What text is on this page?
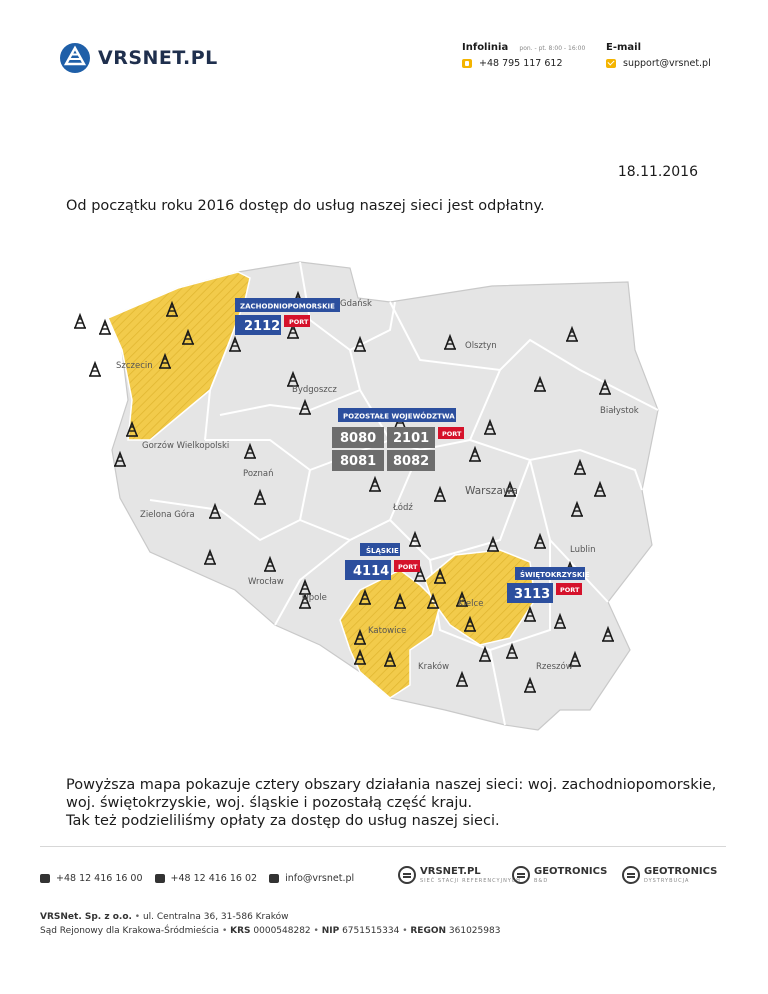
VRSNET.PL	Infolinia pon. - pt. 8:00 - 16:00
+48 795 117 612
E-mail
support@vrsnet.pl
18.11.2016
Od początku roku 2016 dostęp do usług naszej sieci jest odpłatny.
Gdańsk
Olsztyn
Szczecin
Bydgoszcz
Białystok
Gorzów Wielkopolski
Poznań
Warszawa
Łódź
Zielona Góra
Lublin
Wrocław
Opole
Kielce
Katowice
Kraków	Rzeszów
ZACHODNIOPOMORSKIE
2112 PORT
POZOSTAŁE WOJEWÓDZTWA
8080 2101 PORT
8081 8082
ŚLĄSKIE
4114 PORT
ŚWIĘTOKRZYSKIE
3113 PORT
Powyższa mapa pokazuje cztery obszary działania naszej sieci: woj. zachodniopomorskie,
woj. świętokrzyskie, woj. śląskie i pozostałą część kraju.
Tak też podzieliliśmy opłaty za dostęp do usług naszej sieci.
+48 12 416 16 00	+48 12 416 16 02	info@vrsnet.pl
VRSNET.PL
SIEĆ STACJI REFERENCYJNYCH
GEOTRONICS
B&D
GEOTRONICS
DYSTRYBUCJA
VRSNet. Sp. z o.o. • ul. Centralna 36, 31-586 Kraków
Sąd Rejonowy dla Krakowa-Śródmieścia • KRS 0000548282 • NIP 6751515334 • REGON 361025983
